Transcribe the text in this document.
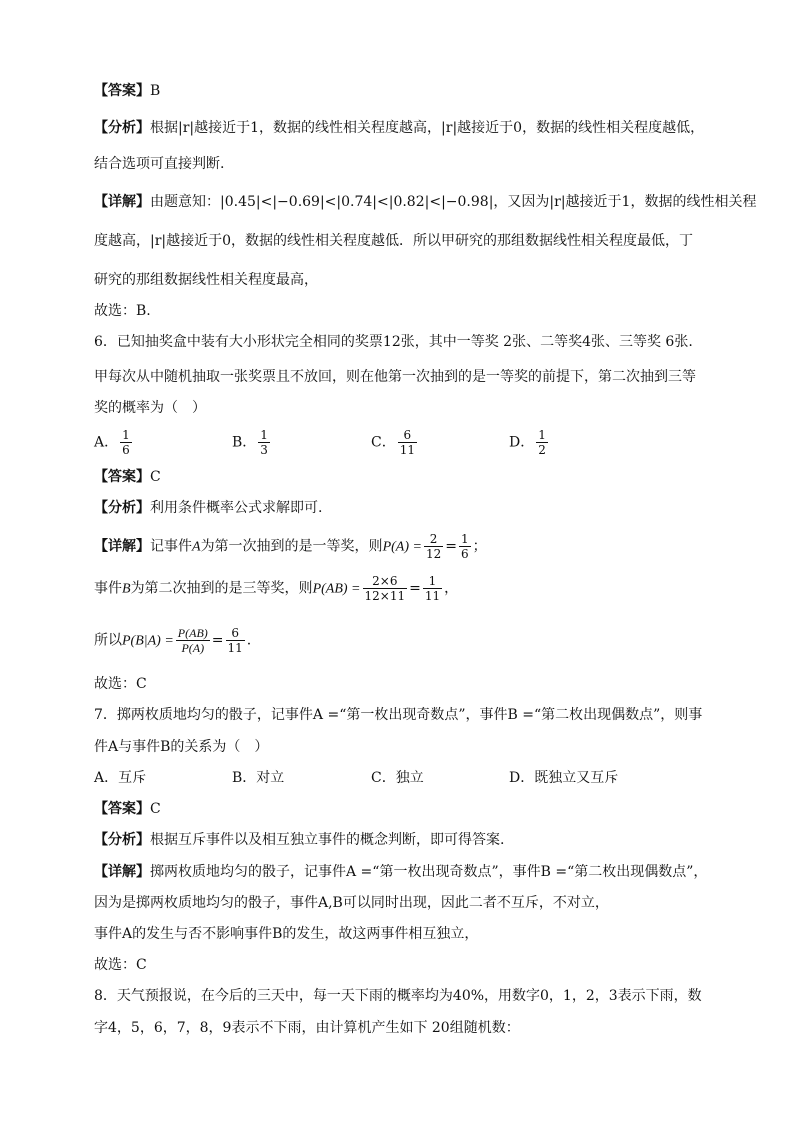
【答案】B
【分析】根据|r|越接近于1，数据的线性相关程度越高，|r|越接近于0，数据的线性相关程度越低，
结合选项可直接判断.
【详解】由题意知：|0.45|<|−0.69|<|0.74|<|0.82|<|−0.98|，又因为|r|越接近于1，数据的线性相关程
度越高，|r|越接近于0，数据的线性相关程度越低．所以甲研究的那组数据线性相关程度最低，丁
研究的那组数据线性相关程度最高，
故选：B.
6．已知抽奖盒中装有大小形状完全相同的奖票12张，其中一等奖 2张、二等奖4张、三等奖 6张.
甲每次从中随机抽取一张奖票且不放回，则在他第一次抽到的是一等奖的前提下，第二次抽到三等
奖的概率为（　）
A． $\frac{1}{6}$	B． $\frac{1}{3}$	C． $\frac{6}{11}$	D． $\frac{1}{2}$
【答案】C
【分析】利用条件概率公式求解即可.
【详解】记事件A为第一次抽到的是一等奖，则$P(A) = \frac{2}{12} = \frac{1}{6}$ ；
事件B为第二次抽到的是三等奖，则$P(AB) = \frac{2\times 6}{12\times 11} = \frac{1}{11}$ ，
所以$P(B|A) = \frac{P(AB)}{P(A)} = \frac{6}{11}$ .
故选：C
7．掷两枚质地均匀的骰子，记事件A =“第一枚出现奇数点”，事件B =“第二枚出现偶数点”，则事
件A与事件B的关系为（　）
A．互斥	B．对立	C．独立	D．既独立又互斥
【答案】C
【分析】根据互斥事件以及相互独立事件的概念判断，即可得答案.
【详解】掷两枚质地均匀的骰子，记事件A =“第一枚出现奇数点”，事件B =“第二枚出现偶数点”，
因为是掷两枚质地均匀的骰子，事件A,B可以同时出现，因此二者不互斥，不对立，
事件A的发生与否不影响事件B的发生，故这两事件相互独立，
故选：C
8．天气预报说，在今后的三天中，每一天下雨的概率均为40%，用数字0，1，2，3表示下雨，数
字4，5，6，7，8，9表示不下雨，由计算机产生如下 20组随机数：
